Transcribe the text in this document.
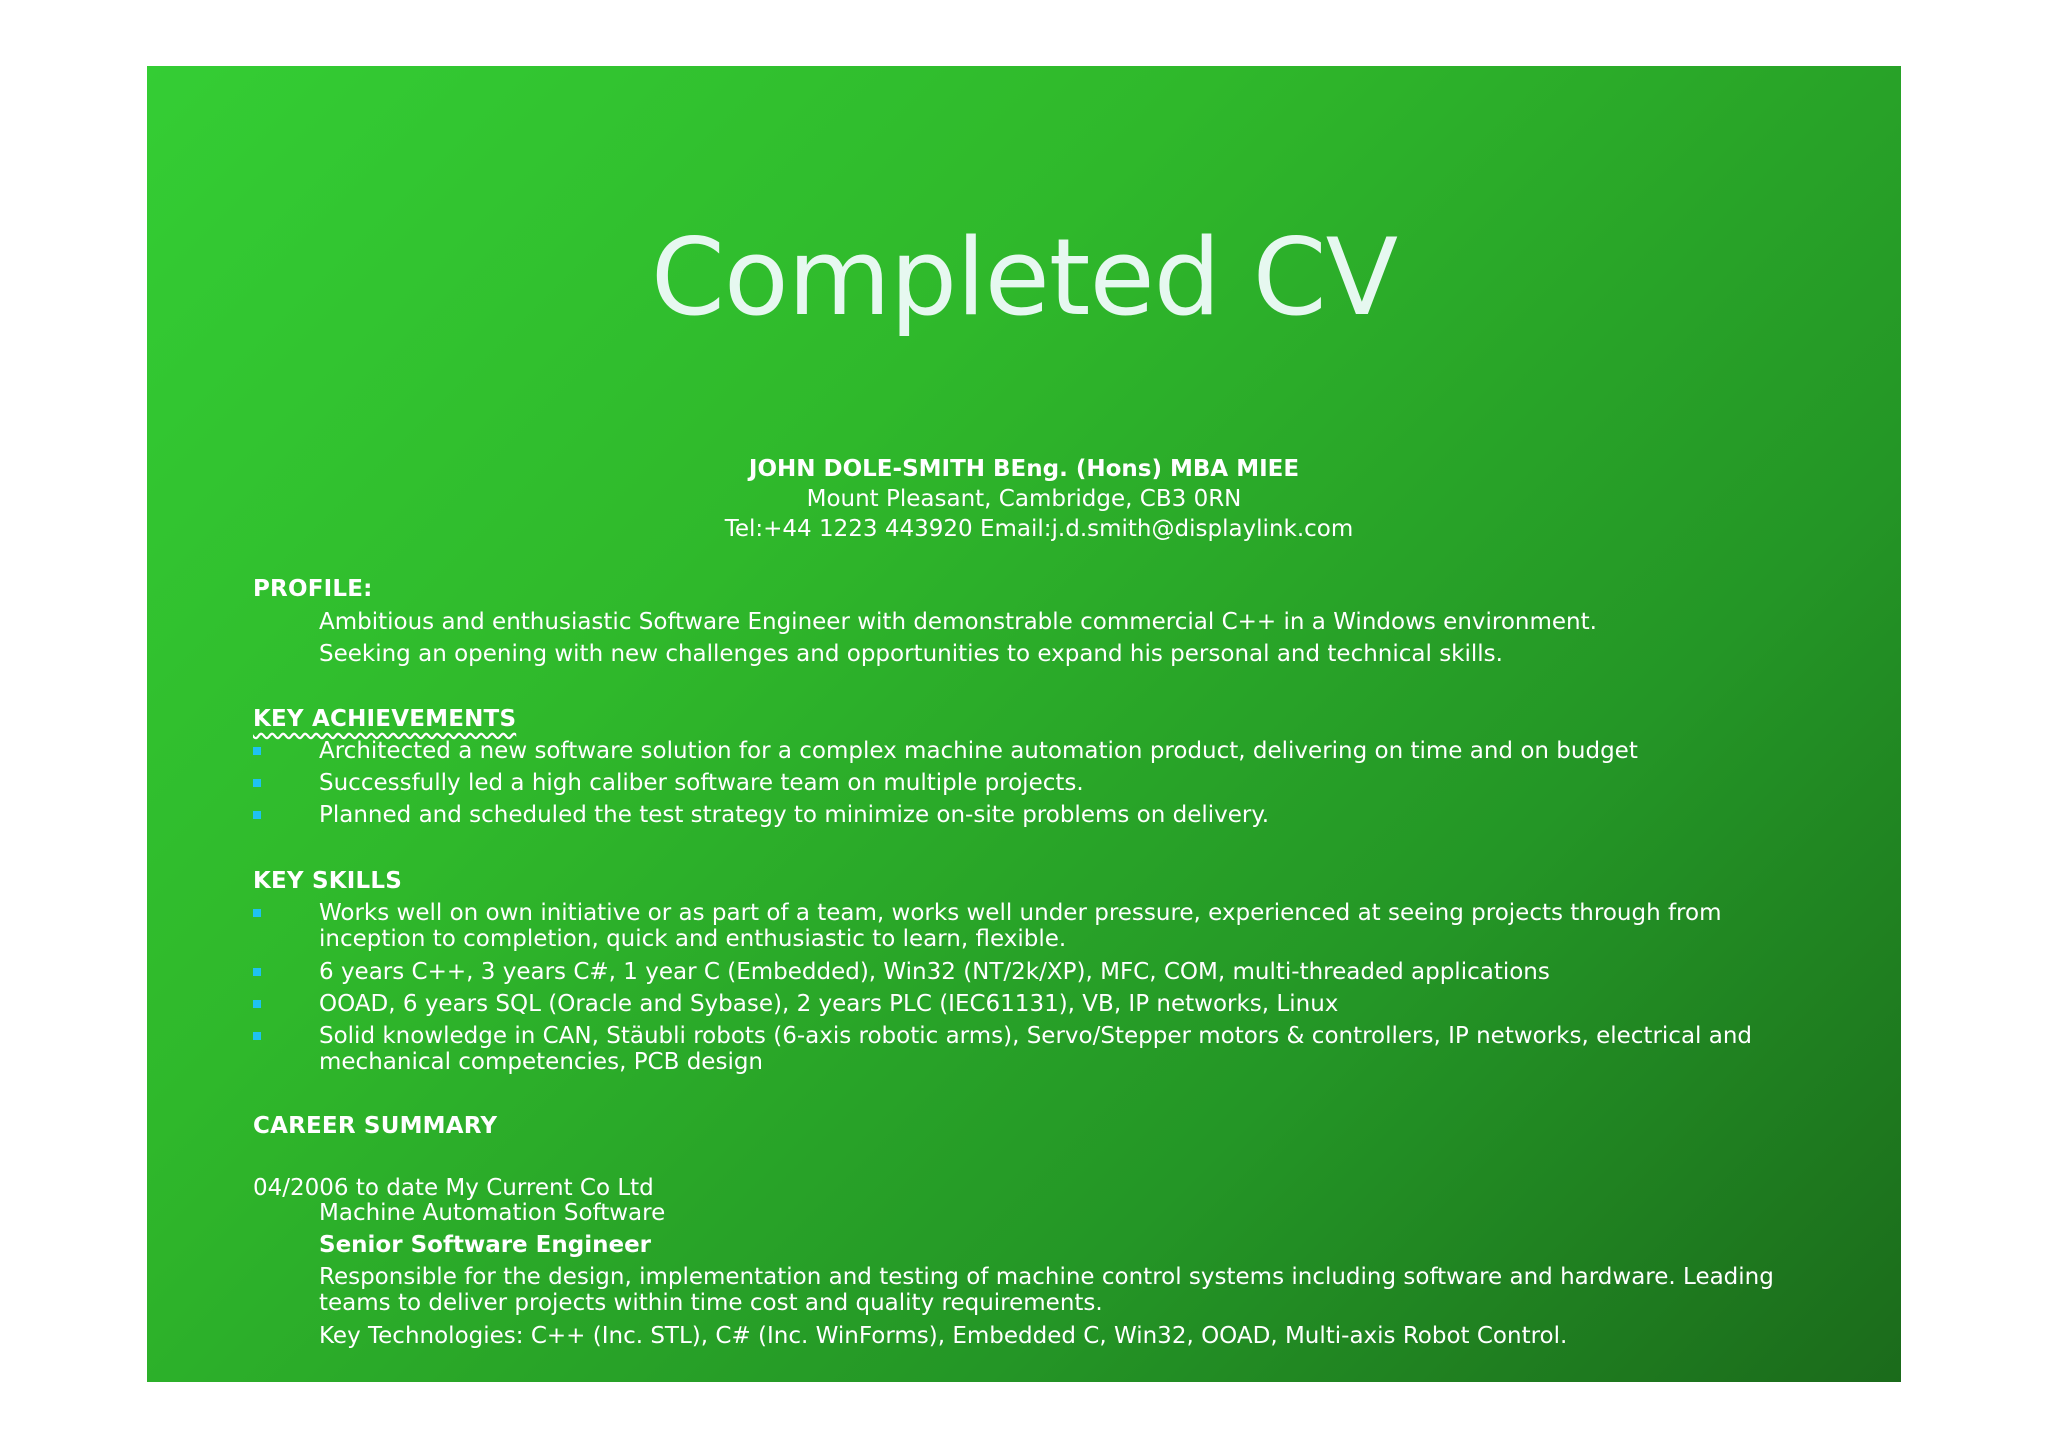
Completed CV
JOHN DOLE-SMITH BEng. (Hons) MBA MIEE
Mount Pleasant, Cambridge, CB3 0RN
Tel:+44 1223 443920 Email:j.d.smith@displaylink.com
PROFILE:
Ambitious and enthusiastic Software Engineer with demonstrable commercial C++ in a Windows environment.
Seeking an opening with new challenges and opportunities to expand his personal and technical skills.
KEY ACHIEVEMENTS
Architected a new software solution for a complex machine automation product, delivering on time and on budget
Successfully led a high caliber software team on multiple projects.
Planned and scheduled the test strategy to minimize on-site problems on delivery.
KEY SKILLS
Works well on own initiative or as part of a team, works well under pressure, experienced at seeing projects through from inception to completion, quick and enthusiastic to learn, flexible.
6 years C++, 3 years C#, 1 year C (Embedded), Win32 (NT/2k/XP), MFC, COM, multi-threaded applications
OOAD, 6 years SQL (Oracle and Sybase), 2 years PLC (IEC61131), VB, IP networks, Linux
Solid knowledge in CAN, Stäubli robots (6-axis robotic arms), Servo/Stepper motors & controllers, IP networks, electrical and mechanical competencies, PCB design
CAREER SUMMARY
04/2006 to date My Current Co Ltd
Machine Automation Software
Senior Software Engineer
Responsible for the design, implementation and testing of machine control systems including software and hardware. Leading teams to deliver projects within time cost and quality requirements.
Key Technologies: C++ (Inc. STL), C# (Inc. WinForms), Embedded C, Win32, OOAD, Multi-axis Robot Control.
